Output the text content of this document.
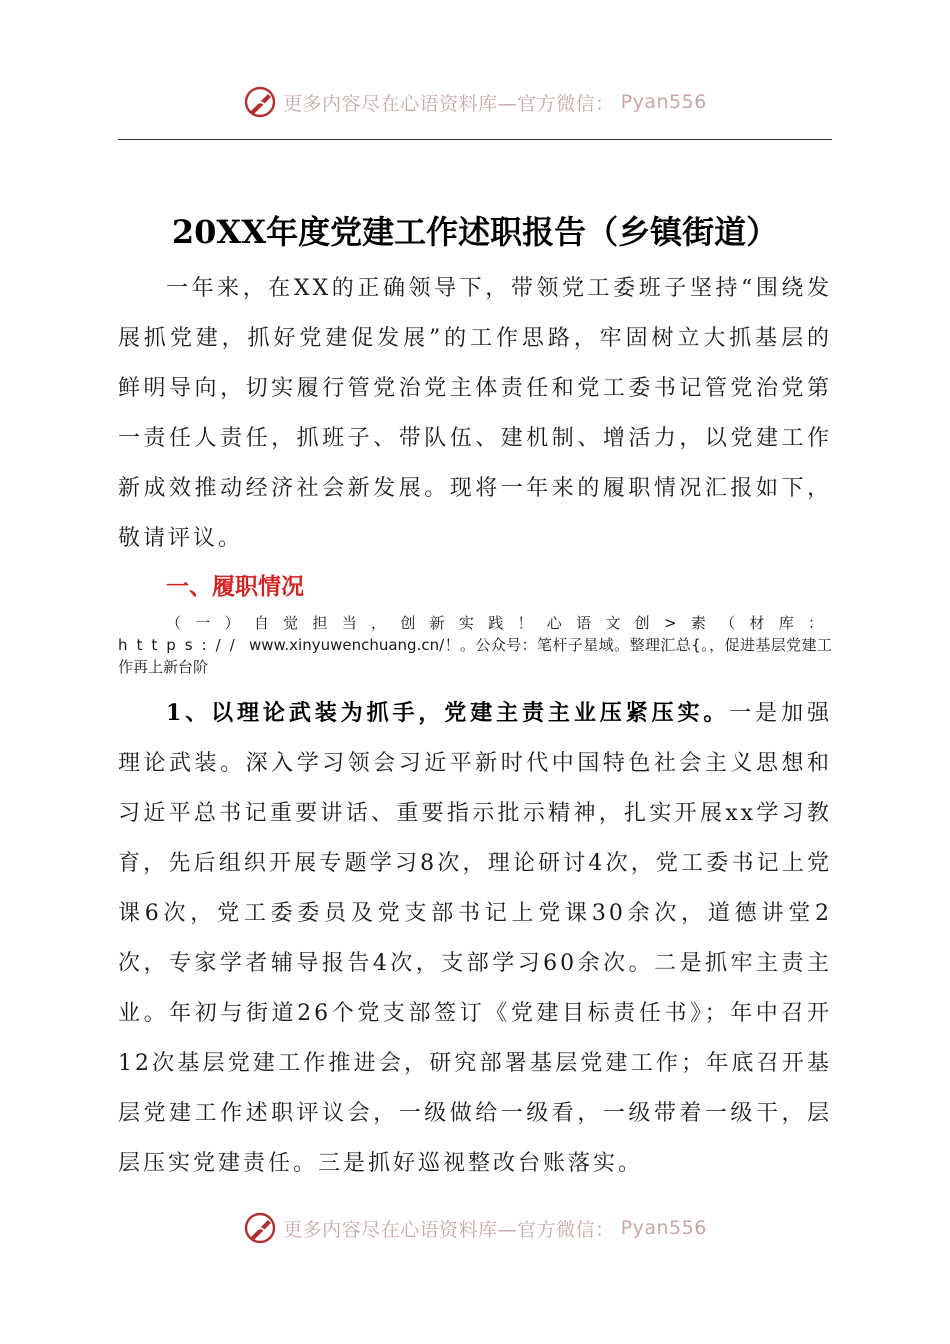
更多内容尽在心语资料库—官方微信： Pyan556
20XX年度党建工作述职报告（乡镇街道）

一年来，在XX的正确领导下，带领党工委班子坚持“围绕发展抓党建，抓好党建促发展”的工作思路，牢固树立大抓基层的鲜明导向，切实履行管党治党主体责任和党工委书记管党治党第一责任人责任，抓班子、带队伍、建机制、增活力，以党建工作新成效推动经济社会新发展。现将一年来的履职情况汇报如下，敬请评议。

一、履职情况

（一）自觉担当，创新实践！心语文创>素（材库：https:// www.xinyuwenchuang.cn/！。公众号：笔杆子星域。整理汇总{。，促进基层党建工作再上新台阶

1、以理论武装为抓手，党建主责主业压紧压实。一是加强理论武装。深入学习领会习近平新时代中国特色社会主义思想和习近平总书记重要讲话、重要指示批示精神，扎实开展xx学习教育，先后组织开展专题学习8次，理论研讨4次，党工委书记上党课6次，党工委委员及党支部书记上党课30余次，道德讲堂2次，专家学者辅导报告4次，支部学习60余次。二是抓牢主责主业。年初与街道26个党支部签订《党建目标责任书》；年中召开12次基层党建工作推进会，研究部署基层党建工作；年底召开基层党建工作述职评议会，一级做给一级看，一级带着一级干，层层压实党建责任。三是抓好巡视整改台账落实。

更多内容尽在心语资料库—官方微信： Pyan556
